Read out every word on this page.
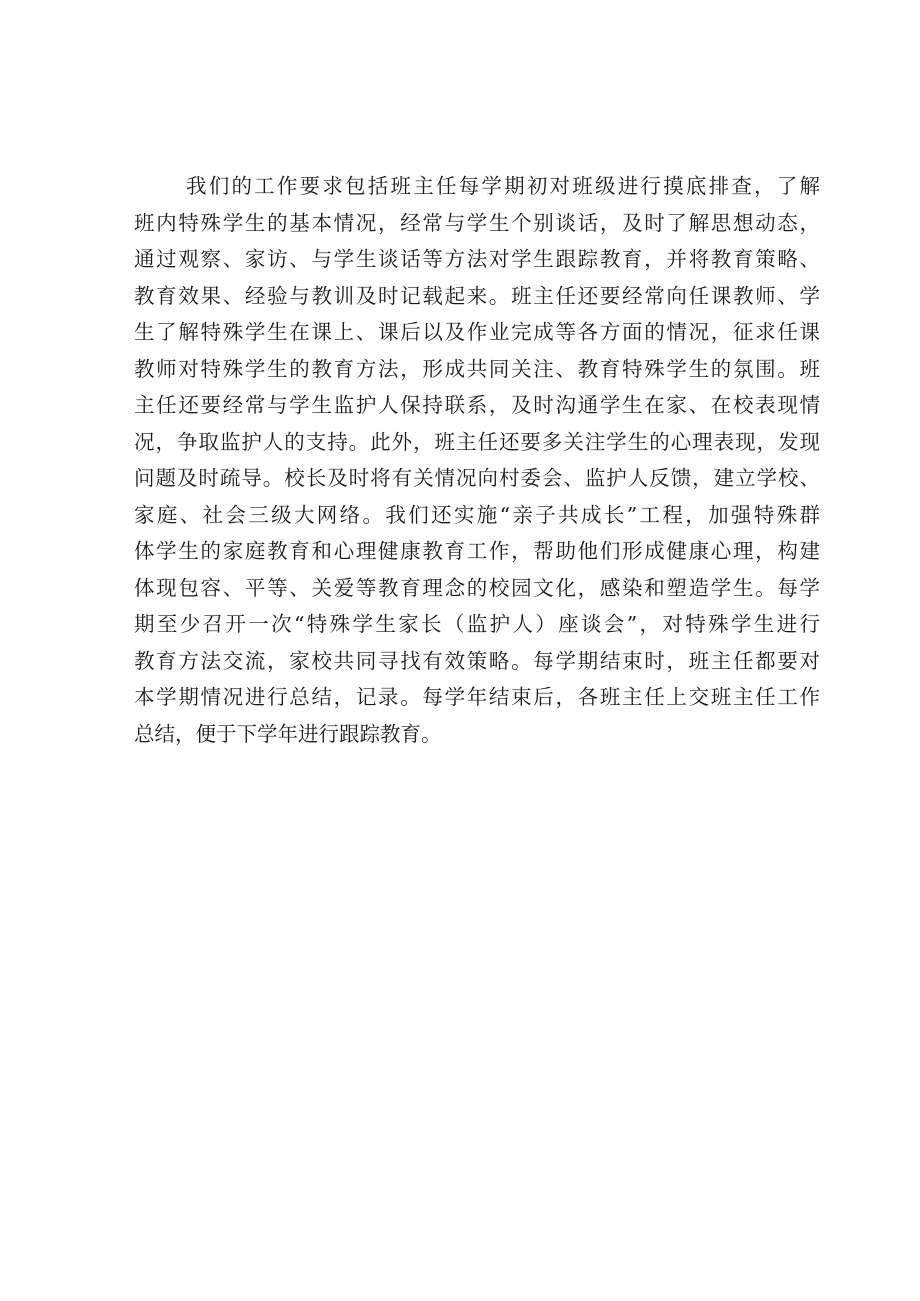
我们的工作要求包括班主任每学期初对班级进行摸底排查，了解
班内特殊学生的基本情况，经常与学生个别谈话，及时了解思想动态，
通过观察、家访、与学生谈话等方法对学生跟踪教育，并将教育策略、
教育效果、经验与教训及时记载起来。班主任还要经常向任课教师、学
生了解特殊学生在课上、课后以及作业完成等各方面的情况，征求任课
教师对特殊学生的教育方法，形成共同关注、教育特殊学生的氛围。班
主任还要经常与学生监护人保持联系，及时沟通学生在家、在校表现情
况，争取监护人的支持。此外，班主任还要多关注学生的心理表现，发现
问题及时疏导。校长及时将有关情况向村委会、监护人反馈，建立学校、
家庭、社会三级大网络。我们还实施“亲子共成长”工程，加强特殊群
体学生的家庭教育和心理健康教育工作，帮助他们形成健康心理，构建
体现包容、平等、关爱等教育理念的校园文化，感染和塑造学生。每学
期至少召开一次“特殊学生家长（监护人）座谈会”，对特殊学生进行
教育方法交流，家校共同寻找有效策略。每学期结束时，班主任都要对
本学期情况进行总结，记录。每学年结束后，各班主任上交班主任工作
总结，便于下学年进行跟踪教育。
